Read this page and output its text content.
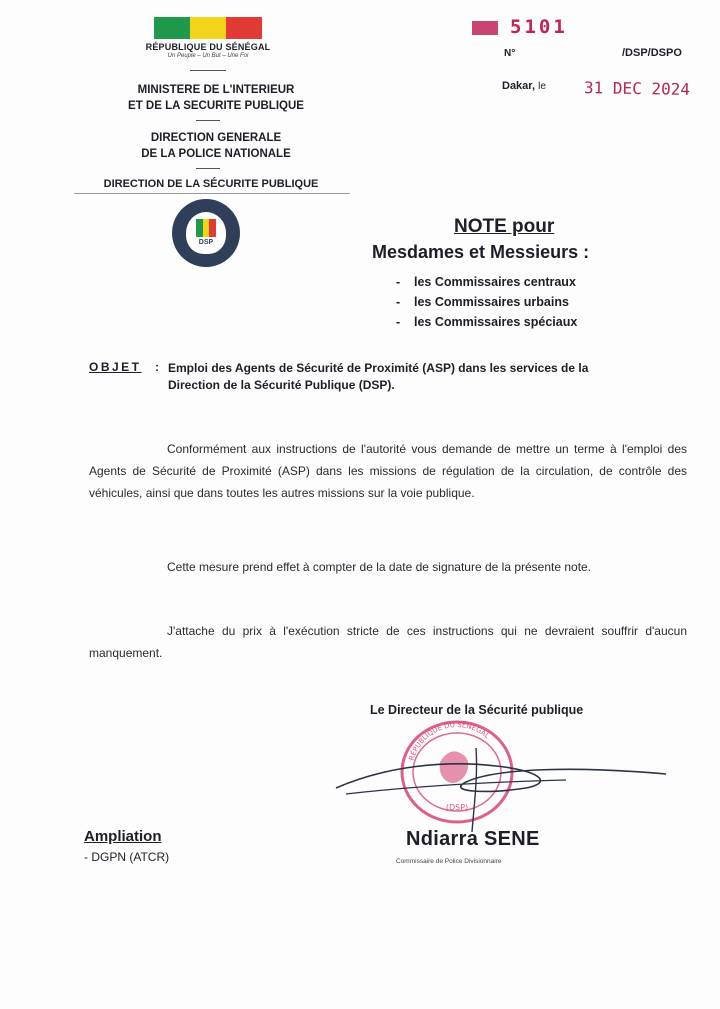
RÉPUBLIQUE DU SÉNÉGAL
Un Peuple – Un But – Une Foi
MINISTERE DE L'INTERIEUR
ET DE LA SECURITE PUBLIQUE
DIRECTION GENERALE
DE LA POLICE NATIONALE
DIRECTION DE LA SÉCURITE PUBLIQUE
DSP
5101
N°	/DSP/DSPO
Dakar, le 31 DEC 2024
NOTE pour
Mesdames et Messieurs :
- les Commissaires centraux
- les Commissaires urbains
- les Commissaires spéciaux
OBJET : Emploi des Agents de Sécurité de Proximité (ASP) dans les services de la Direction de la Sécurité Publique (DSP).
Conformément aux instructions de l'autorité vous demande de mettre un terme à l'emploi des Agents de Sécurité de Proximité (ASP) dans les missions de régulation de la circulation, de contrôle des véhicules, ainsi que dans toutes les autres missions sur la voie publique.
Cette mesure prend effet à compter de la date de signature de la présente note.
J'attache du prix à l'exécution stricte de ces instructions qui ne devraient souffrir d'aucun manquement.
Le Directeur de la Sécurité publique
RÉPUBLIQUE DU SÉNÉGAL
(DSP)
Ndiarra SENE
Commissaire de Police Divisionnaire
Ampliation
- DGPN (ATCR)
